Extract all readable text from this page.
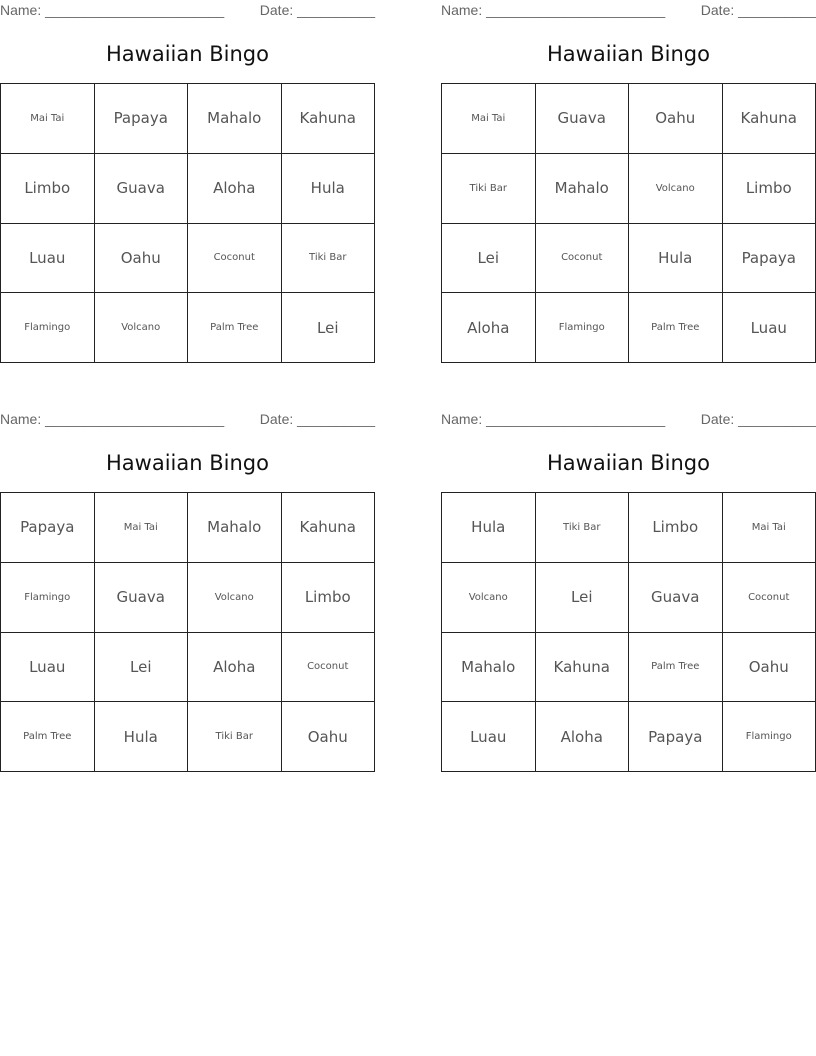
Name: _______________________	Date: __________
Hawaiian Bingo
Mai Tai	Papaya	Mahalo	Kahuna
Limbo	Guava	Aloha	Hula
Luau	Oahu	Coconut	Tiki Bar
Flamingo	Volcano	Palm Tree	Lei
Name: _______________________	Date: __________
Hawaiian Bingo
Mai Tai	Guava	Oahu	Kahuna
Tiki Bar	Mahalo	Volcano	Limbo
Lei	Coconut	Hula	Papaya
Aloha	Flamingo	Palm Tree	Luau
Name: _______________________	Date: __________
Hawaiian Bingo
Papaya	Mai Tai	Mahalo	Kahuna
Flamingo	Guava	Volcano	Limbo
Luau	Lei	Aloha	Coconut
Palm Tree	Hula	Tiki Bar	Oahu
Name: _______________________	Date: __________
Hawaiian Bingo
Hula	Tiki Bar	Limbo	Mai Tai
Volcano	Lei	Guava	Coconut
Mahalo	Kahuna	Palm Tree	Oahu
Luau	Aloha	Papaya	Flamingo
